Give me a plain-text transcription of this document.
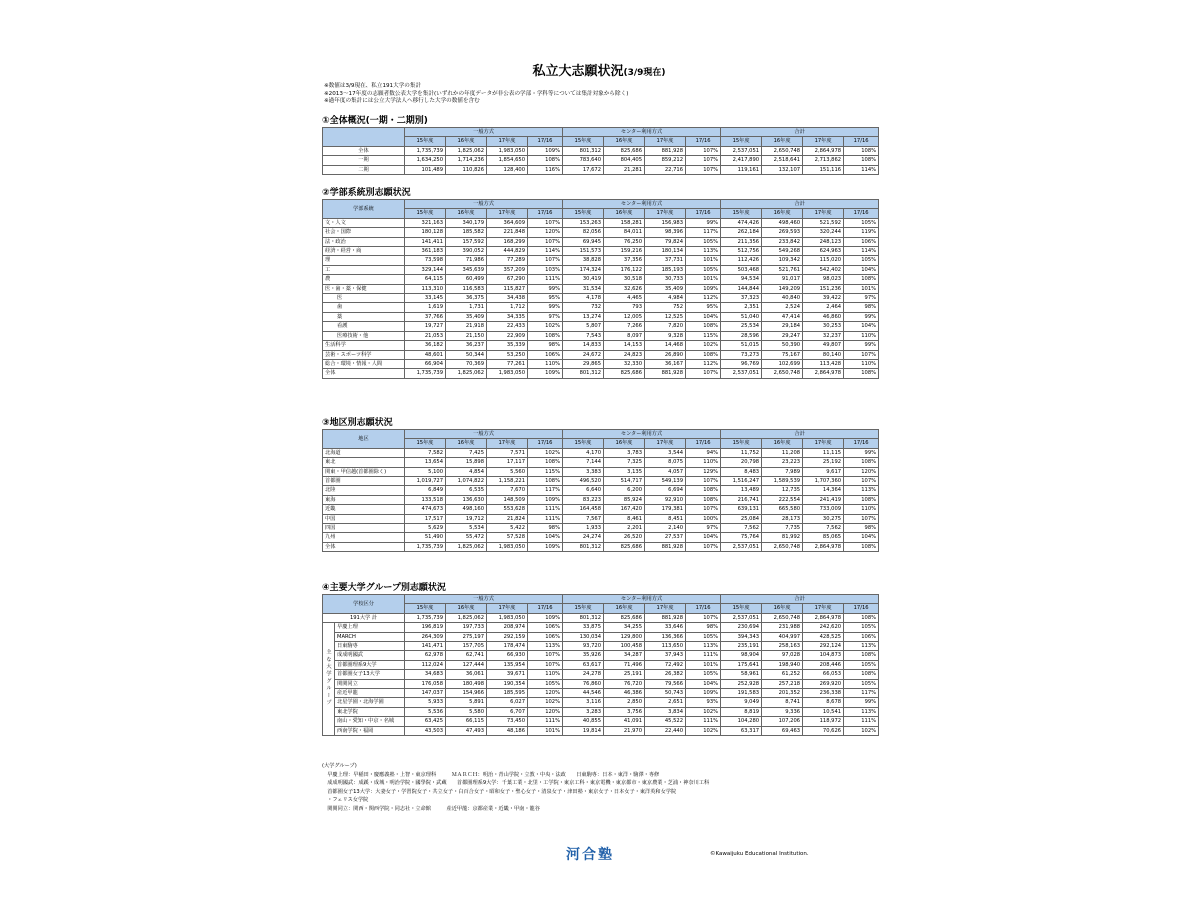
私立大志願状況(3/9現在)
※数値は3/9現在、私立191大学の集計
※2013～17年度の志願者数公表大学を集計(いずれかの年度データが非公表の学部・学科等については集計対象から除く)
※過年度の集計には公立大学法人へ移行した大学の数値を含む
①全体概況(一期・二期別)
	一般方式				センター利用方式				合計			
	15年度	16年度	17年度	17/16	15年度	16年度	17年度	17/16	15年度	16年度	17年度	17/16
全体	1,735,739	1,825,062	1,983,050	109%	801,312	825,686	881,928	107%	2,537,051	2,650,748	2,864,978	108%
一期	1,634,250	1,714,236	1,854,650	108%	783,640	804,405	859,212	107%	2,417,890	2,518,641	2,713,862	108%
二期	101,489	110,826	128,400	116%	17,672	21,281	22,716	107%	119,161	132,107	151,116	114%
②学部系統別志願状況
学部系統	一般方式				センター利用方式				合計			
	15年度	16年度	17年度	17/16	15年度	16年度	17年度	17/16	15年度	16年度	17年度	17/16
文・人文	321,163	340,179	364,609	107%	153,263	158,281	156,983	99%	474,426	498,460	521,592	105%
社会・国際	180,128	185,582	221,848	120%	82,056	84,011	98,396	117%	262,184	269,593	320,244	119%
法・政治	141,411	157,592	168,299	107%	69,945	76,250	79,824	105%	211,356	233,842	248,123	106%
経済・経営・商	361,183	390,052	444,829	114%	151,573	159,216	180,134	113%	512,756	549,268	624,963	114%
理	73,598	71,986	77,289	107%	38,828	37,356	37,731	101%	112,426	109,342	115,020	105%
工	329,144	345,639	357,209	103%	174,324	176,122	185,193	105%	503,468	521,761	542,402	104%
農	64,115	60,499	67,290	111%	30,419	30,518	30,733	101%	94,534	91,017	98,023	108%
医・歯・薬・保健	113,310	116,583	115,827	99%	31,534	32,626	35,409	109%	144,844	149,209	151,236	101%
医	33,145	36,375	34,438	95%	4,178	4,465	4,984	112%	37,323	40,840	39,422	97%
歯	1,619	1,731	1,712	99%	732	793	752	95%	2,351	2,524	2,464	98%
薬	37,766	35,409	34,335	97%	13,274	12,005	12,525	104%	51,040	47,414	46,860	99%
看護	19,727	21,918	22,433	102%	5,807	7,266	7,820	108%	25,534	29,184	30,253	104%
医療技術・他	21,053	21,150	22,909	108%	7,543	8,097	9,328	115%	28,596	29,247	32,237	110%
生活科学	36,182	36,237	35,339	98%	14,833	14,153	14,468	102%	51,015	50,390	49,807	99%
芸術・スポーツ科学	48,601	50,344	53,250	106%	24,672	24,823	26,890	108%	73,273	75,167	80,140	107%
総合・環境・情報・人間	66,904	70,369	77,261	110%	29,865	32,330	36,167	112%	96,769	102,699	113,428	110%
全体	1,735,739	1,825,062	1,983,050	109%	801,312	825,686	881,928	107%	2,537,051	2,650,748	2,864,978	108%
③地区別志願状況
地区	一般方式				センター利用方式				合計			
	15年度	16年度	17年度	17/16	15年度	16年度	17年度	17/16	15年度	16年度	17年度	17/16
北海道	7,582	7,425	7,571	102%	4,170	3,783	3,544	94%	11,752	11,208	11,115	99%
東北	13,654	15,898	17,117	108%	7,144	7,325	8,075	110%	20,798	23,223	25,192	108%
関東・甲信越(首都圏除く)	5,100	4,854	5,560	115%	3,383	3,135	4,057	129%	8,483	7,989	9,617	120%
首都圏	1,019,727	1,074,822	1,158,221	108%	496,520	514,717	549,139	107%	1,516,247	1,589,539	1,707,360	107%
北陸	6,849	6,535	7,670	117%	6,640	6,200	6,694	108%	13,489	12,735	14,364	113%
東海	133,518	136,630	148,509	109%	83,223	85,924	92,910	108%	216,741	222,554	241,419	108%
近畿	474,673	498,160	553,628	111%	164,458	167,420	179,381	107%	639,131	665,580	733,009	110%
中国	17,517	19,712	21,824	111%	7,567	8,461	8,451	100%	25,084	28,173	30,275	107%
四国	5,629	5,534	5,422	98%	1,933	2,201	2,140	97%	7,562	7,735	7,562	98%
九州	51,490	55,472	57,528	104%	24,274	26,520	27,537	104%	75,764	81,992	85,065	104%
全体	1,735,739	1,825,062	1,983,050	109%	801,312	825,686	881,928	107%	2,537,051	2,650,748	2,864,978	108%
④主要大学グループ別志願状況
学校区分		一般方式				センター利用方式				合計			
		15年度	16年度	17年度	17/16	15年度	16年度	17年度	17/16	15年度	16年度	17年度	17/16
191大学 計		1,735,739	1,825,062	1,983,050	109%	801,312	825,686	881,928	107%	2,537,051	2,650,748	2,864,978	108%
主な大学グループ	早慶上理	196,819	197,733	208,974	106%	33,875	34,255	33,646	98%	230,694	231,988	242,620	105%
	MARCH	264,309	275,197	292,159	106%	130,034	129,800	136,366	105%	394,343	404,997	428,525	106%
	日東駒専	141,471	157,705	178,474	113%	93,720	100,458	113,650	113%	235,191	258,163	292,124	113%
	成成明國武	62,978	62,741	66,930	107%	35,926	34,287	37,943	111%	98,904	97,028	104,873	108%
	首都圏理系9大学	112,024	127,444	135,954	107%	63,617	71,496	72,492	101%	175,641	198,940	208,446	105%
	首都圏女子13大学	34,683	36,061	39,671	110%	24,278	25,191	26,382	105%	58,961	61,252	66,053	108%
	関関同立	176,058	180,498	190,354	105%	76,860	76,720	79,566	104%	252,928	257,218	269,920	105%
	産近甲龍	147,037	154,966	185,595	120%	44,546	46,386	50,743	109%	191,583	201,352	236,338	117%
	北星学園・北海学園	5,933	5,891	6,027	102%	3,116	2,850	2,651	93%	9,049	8,741	8,678	99%
	東北学院	5,536	5,580	6,707	120%	3,283	3,756	3,834	102%	8,819	9,336	10,541	113%
	南山・愛知・中京・名城	63,425	66,115	73,450	111%	40,855	41,091	45,522	111%	104,280	107,206	118,972	111%
	西南学院・福岡	43,503	47,493	48,186	101%	19,814	21,970	22,440	102%	63,317	69,463	70,626	102%
(大学グループ)
　早慶上理：早稲田・慶應義塾・上智・東京理科　　　ＭＡＲＣＨ：明治・青山学院・立教・中央・法政　　日東駒専：日本・東洋・駒澤・専修
　成成明國武：成蹊・成城・明治学院・國學院・武蔵　　首都圏理系9大学：千葉工業・北里・工学院・東京工科・東京電機・東京都市・東京農業・芝浦・神奈川工科
　首都圏女子13大学：大妻女子・学習院女子・共立女子・白百合女子・昭和女子・聖心女子・清泉女子・津田塾・東京女子・日本女子・東洋英和女学院
　・フェリス女学院
　関関同立：関西・関西学院・同志社・立命館　　　産近甲龍：京都産業・近畿・甲南・龍谷
河合塾	©Kawaijuku Educational Institution.
